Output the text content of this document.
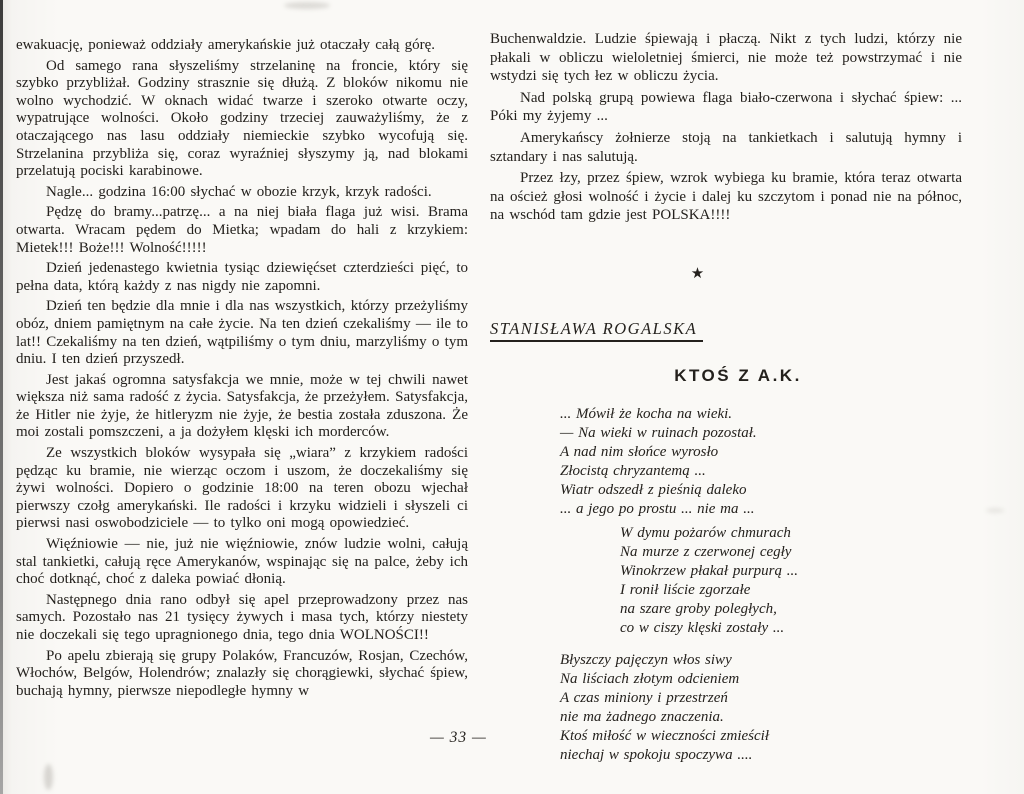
ewakuację, ponieważ oddziały amerykańskie już otaczały całą górę.

Od samego rana słyszeliśmy strzelaninę na froncie, który się szybko przybliżał. Godziny strasznie się dłużą. Z bloków nikomu nie wolno wychodzić. W oknach widać twarze i szeroko otwarte oczy, wypatrujące wolności. Około godziny trzeciej zauważyliśmy, że z otaczającego nas lasu oddziały niemieckie szybko wycofują się. Strzelanina przybliża się, coraz wyraźniej słyszymy ją, nad blokami przelatują pociski karabinowe.

Nagle... godzina 16:00 słychać w obozie krzyk, krzyk radości.

Pędzę do bramy...patrzę... a na niej biała flaga już wisi. Brama otwarta. Wracam pędem do Mietka; wpadam do hali z krzykiem: Mietek!!! Boże!!! Wolność!!!!!

Dzień jedenastego kwietnia tysiąc dziewięćset czterdzieści pięć, to pełna data, którą każdy z nas nigdy nie zapomni.

Dzień ten będzie dla mnie i dla nas wszystkich, którzy przeżyliśmy obóz, dniem pamiętnym na całe życie. Na ten dzień czekaliśmy — ile to lat!! Czekaliśmy na ten dzień, wątpiliśmy o tym dniu, marzyliśmy o tym dniu. I ten dzień przyszedł.

Jest jakaś ogromna satysfakcja we mnie, może w tej chwili nawet większa niż sama radość z życia. Satysfakcja, że przeżyłem. Satysfakcja, że Hitler nie żyje, że hitleryzm nie żyje, że bestia została zduszona. Że moi zostali pomszczeni, a ja dożyłem klęski ich morderców.

Ze wszystkich bloków wysypała się „wiara” z krzykiem radości pędząc ku bramie, nie wierząc oczom i uszom, że doczekaliśmy się żywi wolności. Dopiero o godzinie 18:00 na teren obozu wjechał pierwszy czołg amerykański. Ile radości i krzyku widzieli i słyszeli ci pierwsi nasi oswobodziciele — to tylko oni mogą opowiedzieć.

Więźniowie — nie, już nie więźniowie, znów ludzie wolni, całują stal tankietki, całują ręce Amerykanów, wspinając się na palce, żeby ich choć dotknąć, choć z daleka powiać dłonią.

Następnego dnia rano odbył się apel przeprowadzony przez nas samych. Pozostało nas 21 tysięcy żywych i masa tych, którzy niestety nie doczekali się tego upragnionego dnia, tego dnia WOLNOŚCI!!

Po apelu zbierają się grupy Polaków, Francuzów, Rosjan, Czechów, Włochów, Belgów, Holendrów; znalazły się chorągiewki, słychać śpiew, buchają hymny, pierwsze niepodległe hymny w

Buchenwaldzie. Ludzie śpiewają i płaczą. Nikt z tych ludzi, którzy nie płakali w obliczu wieloletniej śmierci, nie może też powstrzymać i nie wstydzi się tych łez w obliczu życia.

Nad polską grupą powiewa flaga biało-czerwona i słychać śpiew: ... Póki my żyjemy ...

Amerykańscy żołnierze stoją na tankietkach i salutują hymny i sztandary i nas salutują.

Przez łzy, przez śpiew, wzrok wybiega ku bramie, która teraz otwarta na oścież głosi wolność i życie i dalej ku szczytom i ponad nie na północ, na wschód tam gdzie jest POLSKA!!!!

★
STANISŁAWA ROGALSKA
KTOŚ Z A.K.
... Mówił że kocha na wieki.
— Na wieki w ruinach pozostał.
A nad nim słońce wyrosło
Złocistą chryzantemą ...
Wiatr odszedł z pieśnią daleko
... a jego po prostu ... nie ma ...
W dymu pożarów chmurach
Na murze z czerwonej cegły
Winokrzew płakał purpurą ...
I ronił liście zgorzałe
na szare groby poległych,
co w ciszy klęski zostały ...
Błyszczy pajęczyn włos siwy
Na liściach złotym odcieniem
A czas miniony i przestrzeń
nie ma żadnego znaczenia.
Ktoś miłość w wieczności zmieścił
niechaj w spokoju spoczywa ....
— 33 —
